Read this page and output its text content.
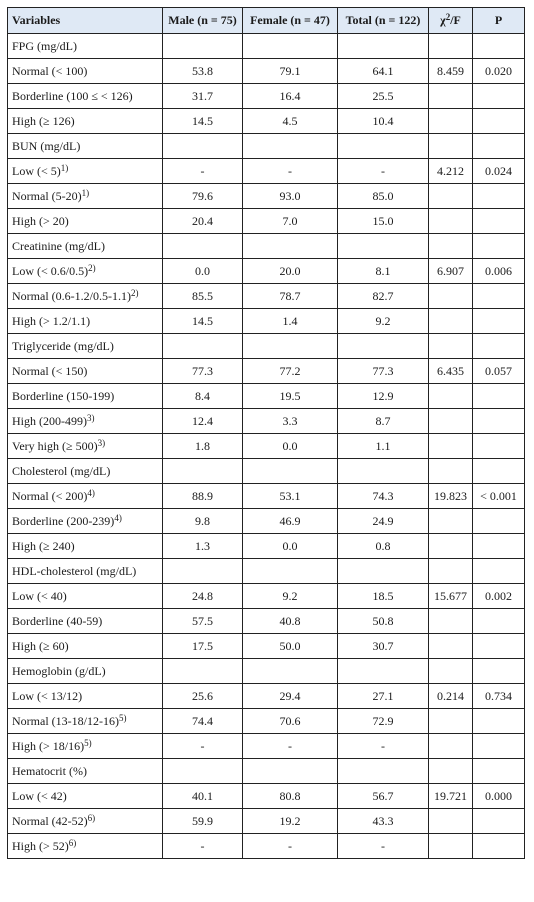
Variables	Male (n = 75)	Female (n = 47)	Total (n = 122)	$\chi^2/F$	P
FPG (mg/dL)					
Normal (< 100)	53.8	79.1	64.1	8.459	0.020
Borderline (100 ≤ < 126)	31.7	16.4	25.5		
High (≥ 126)	14.5	4.5	10.4		
BUN (mg/dL)					
Low (< 5)$^{1)}$	-	-	-	4.212	0.024
Normal $(5-20)^{1)}$	79.6	93.0	85.0		
High (> 20)	20.4	7.0	15.0		
Creatinine (mg/dL)					
Low (< 0.6/0.5)$^{2)}$	0.0	20.0	8.1	6.907	0.006
Normal $(0.6-1.2/0.5-1.1)^{2)}$	85.5	78.7	82.7		
High (> 1.2/1.1)	14.5	1.4	9.2		
Triglyceride (mg/dL)					
Normal (< 150)	77.3	77.2	77.3	6.435	0.057
Borderline (150-199)	8.4	19.5	12.9		
High $(200-499)^{3)}$	12.4	3.3	8.7		
Very high (≥ 500)$^{3)}$	1.8	0.0	1.1		
Cholesterol (mg/dL)					
Normal (< 200)$^{4)}$	88.9	53.1	74.3	19.823	< 0.001
Borderline $(200-239)^{4)}$	9.8	46.9	24.9		
High (≥ 240)	1.3	0.0	0.8		
HDL-cholesterol (mg/dL)					
Low (< 40)	24.8	9.2	18.5	15.677	0.002
Borderline (40-59)	57.5	40.8	50.8		
High (≥ 60)	17.5	50.0	30.7		
Hemoglobin (g/dL)					
Low (< 13/12)	25.6	29.4	27.1	0.214	0.734
Normal $(13-18/12-16)^{5)}$	74.4	70.6	72.9		
High (> 18/16)$^{5)}$	-	-	-		
Hematocrit (%)					
Low (< 42)	40.1	80.8	56.7	19.721	0.000
Normal $(42-52)^{6)}$	59.9	19.2	43.3		
High (> 52)$^{6)}$	-	-	-		
